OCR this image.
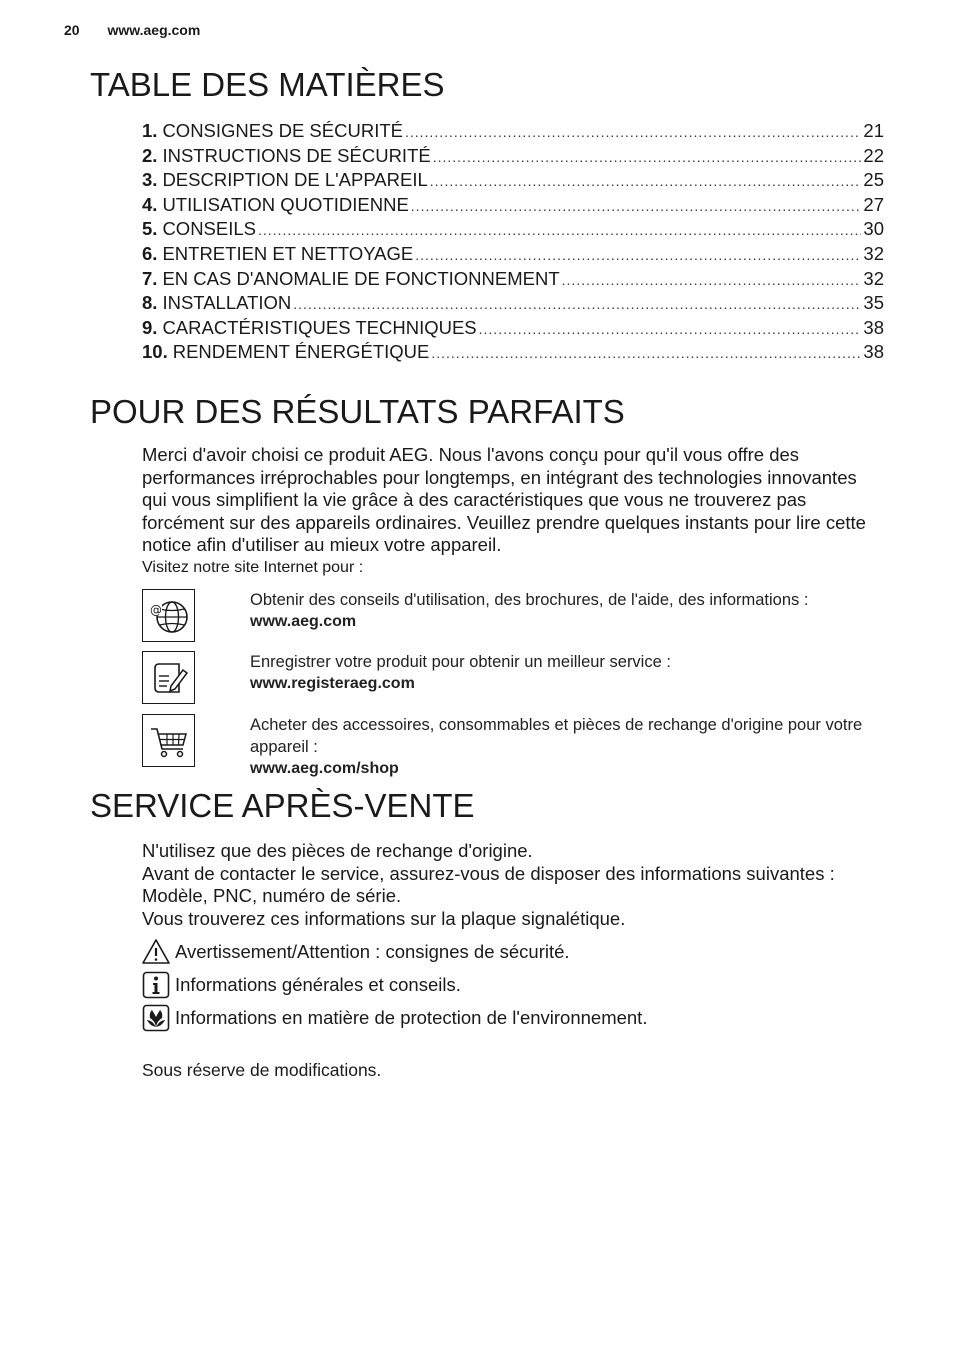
20 www.aeg.com
TABLE DES MATIÈRES
1. CONSIGNES DE SÉCURITÉ .....	21
2. INSTRUCTIONS DE SÉCURITÉ .....	22
3. DESCRIPTION DE L'APPAREIL .....	25
4. UTILISATION QUOTIDIENNE .....	27
5. CONSEILS .....	30
6. ENTRETIEN ET NETTOYAGE .....	32
7. EN CAS D'ANOMALIE DE FONCTIONNEMENT .....	32
8. INSTALLATION .....	35
9. CARACTÉRISTIQUES TECHNIQUES .....	38
10. RENDEMENT ÉNERGÉTIQUE .....	38
POUR DES RÉSULTATS PARFAITS
Merci d'avoir choisi ce produit AEG. Nous l'avons conçu pour qu'il vous offre des performances irréprochables pour longtemps, en intégrant des technologies innovantes qui vous simplifient la vie grâce à des caractéristiques que vous ne trouverez pas forcément sur des appareils ordinaires. Veuillez prendre quelques instants pour lire cette notice afin d'utiliser au mieux votre appareil.
Visitez notre site Internet pour :
@
Obtenir des conseils d'utilisation, des brochures, de l'aide, des informations :
www.aeg.com
Enregistrer votre produit pour obtenir un meilleur service :
www.registeraeg.com
Acheter des accessoires, consommables et pièces de rechange d'origine pour votre appareil :
www.aeg.com/shop
SERVICE APRÈS-VENTE
N'utilisez que des pièces de rechange d'origine.
Avant de contacter le service, assurez-vous de disposer des informations suivantes : Modèle, PNC, numéro de série.
Vous trouverez ces informations sur la plaque signalétique.
Avertissement/Attention : consignes de sécurité.
Informations générales et conseils.
Informations en matière de protection de l'environnement.
Sous réserve de modifications.
